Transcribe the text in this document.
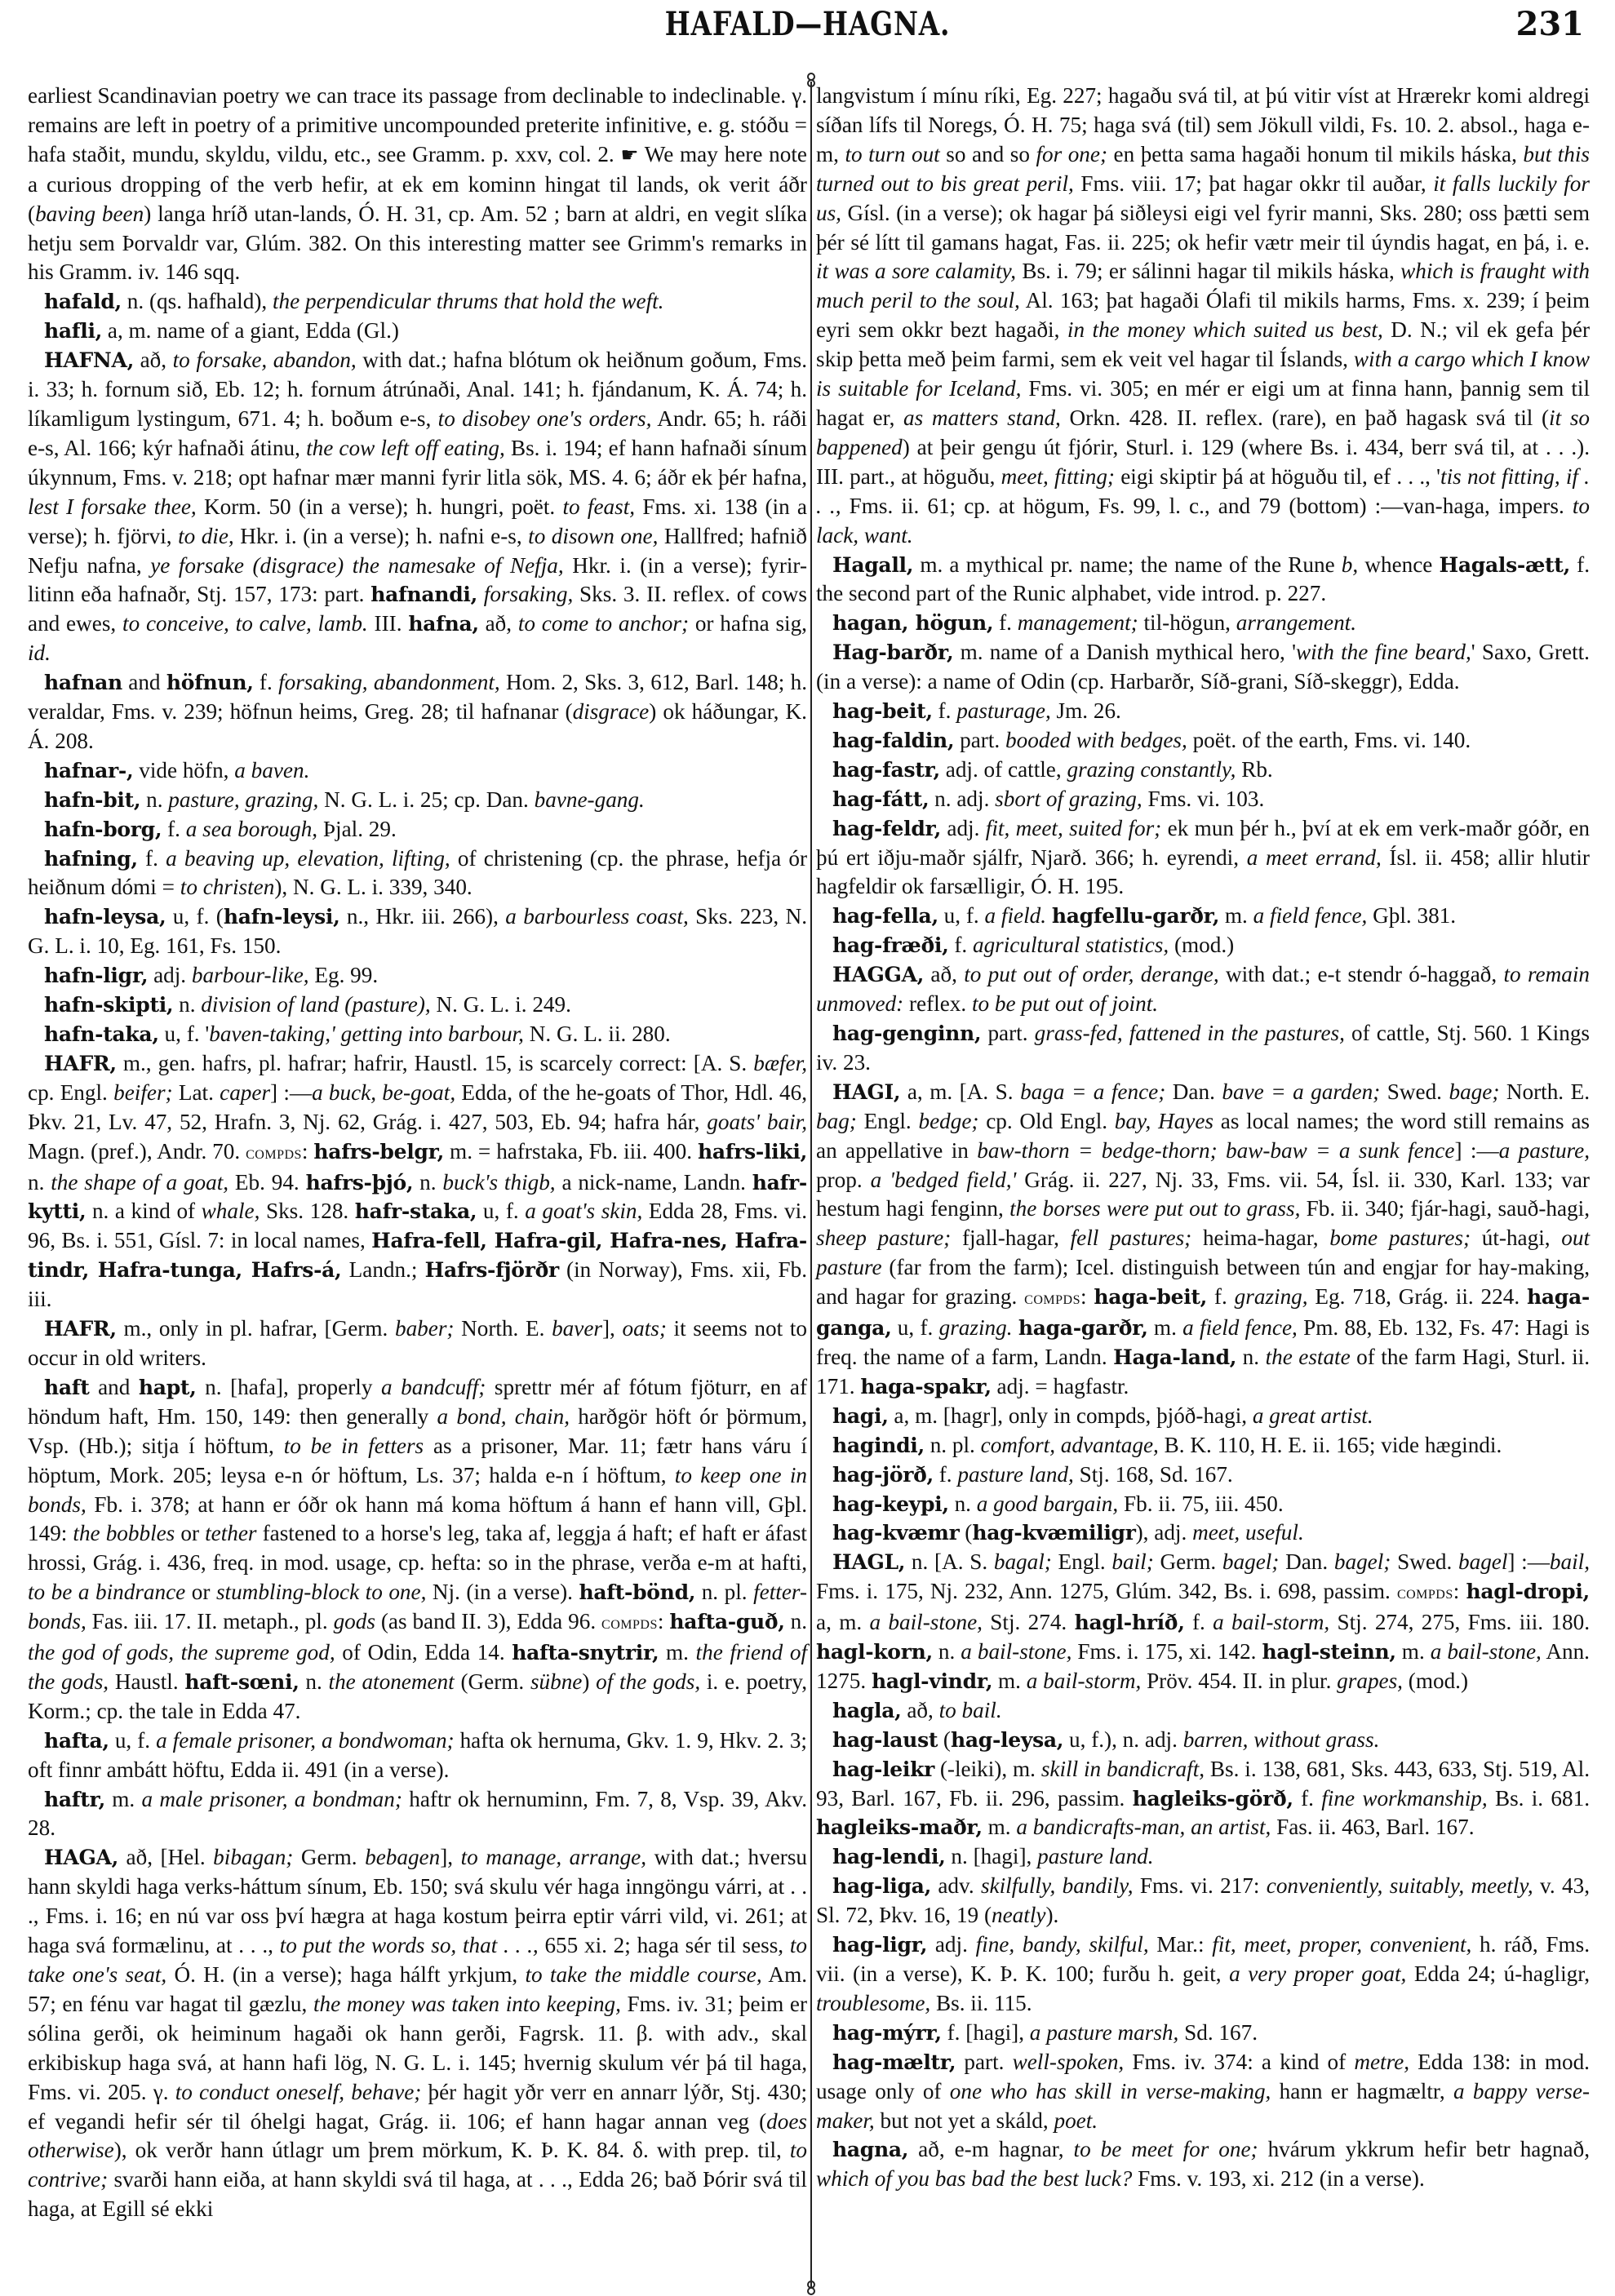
HAFALD—HAGNA.	231

earliest Scandinavian poetry we can trace its passage from declinable to indeclinable. γ. remains are left in poetry of a primitive uncompounded preterite infinitive, e. g. stóðu = hafa staðit, mundu, skyldu, vildu, etc., see Gramm. p. xxv, col. 2. ☛ We may here note a curious dropping of the verb hefir, at ek em kominn hingat til lands, ok verit áðr (baving been) langa hríð utan-lands, Ó. H. 31, cp. Am. 52 ; barn at aldri, en vegit slíka hetju sem Þorvaldr var, Glúm. 382. On this interesting matter see Grimm's remarks in his Gramm. iv. 146 sqq.

hafald, n. (qs. hafhald), the perpendicular thrums that hold the weft.

hafli, a, m. name of a giant, Edda (Gl.)

HAFNA, að, to forsake, abandon, with dat.; hafna blótum ok heiðnum goðum, Fms. i. 33; h. fornum sið, Eb. 12; h. fornum átrúnaði, Anal. 141; h. fjándanum, K. Á. 74; h. líkamligum lystingum, 671. 4; h. boðum e-s, to disobey one's orders, Andr. 65; h. ráði e-s, Al. 166; kýr hafnaði átinu, the cow left off eating, Bs. i. 194; ef hann hafnaði sínum úkynnum, Fms. v. 218; opt hafnar mær manni fyrir litla sök, MS. 4. 6; áðr ek þér hafna, lest I forsake thee, Korm. 50 (in a verse); h. hungri, poët. to feast, Fms. xi. 138 (in a verse); h. fjörvi, to die, Hkr. i. (in a verse); h. nafni e-s, to disown one, Hallfred; hafnið Nefju nafna, ye forsake (disgrace) the namesake of Nefja, Hkr. i. (in a verse); fyrir-litinn eða hafnaðr, Stj. 157, 173: part. hafnandi, forsaking, Sks. 3. II. reflex. of cows and ewes, to conceive, to calve, lamb. III. hafna, að, to come to anchor; or hafna sig, id.

hafnan and höfnun, f. forsaking, abandonment, Hom. 2, Sks. 3, 612, Barl. 148; h. veraldar, Fms. v. 239; höfnun heims, Greg. 28; til hafnanar (disgrace) ok háðungar, K. Á. 208.

hafnar-, vide höfn, a baven.

hafn-bit, n. pasture, grazing, N. G. L. i. 25; cp. Dan. bavne-gang.

hafn-borg, f. a sea borough, Þjal. 29.

hafning, f. a beaving up, elevation, lifting, of christening (cp. the phrase, hefja ór heiðnum dómi = to christen), N. G. L. i. 339, 340.

hafn-leysa, u, f. (hafn-leysi, n., Hkr. iii. 266), a barbourless coast, Sks. 223, N. G. L. i. 10, Eg. 161, Fs. 150.

hafn-ligr, adj. barbour-like, Eg. 99.

hafn-skipti, n. division of land (pasture), N. G. L. i. 249.

hafn-taka, u, f. 'baven-taking,' getting into barbour, N. G. L. ii. 280.

HAFR, m., gen. hafrs, pl. hafrar; hafrir, Haustl. 15, is scarcely correct: [A. S. bæfer, cp. Engl. beifer; Lat. caper] :—a buck, be-goat, Edda, of the he-goats of Thor, Hdl. 46, Þkv. 21, Lv. 47, 52, Hrafn. 3, Nj. 62, Grág. i. 427, 503, Eb. 94; hafra hár, goats' bair, Magn. (pref.), Andr. 70. compds: hafrs-belgr, m. = hafrstaka, Fb. iii. 400. hafrs-liki, n. the shape of a goat, Eb. 94. hafrs-þjó, n. buck's thigb, a nick-name, Landn. hafr-kytti, n. a kind of whale, Sks. 128. hafr-staka, u, f. a goat's skin, Edda 28, Fms. vi. 96, Bs. i. 551, Gísl. 7: in local names, Hafra-fell, Hafra-gil, Hafra-nes, Hafra-tindr, Hafra-tunga, Hafrs-á, Landn.; Hafrs-fjörðr (in Norway), Fms. xii, Fb. iii.

HAFR, m., only in pl. hafrar, [Germ. baber; North. E. baver], oats; it seems not to occur in old writers.

haft and hapt, n. [hafa], properly a bandcuff; sprettr mér af fótum fjöturr, en af höndum haft, Hm. 150, 149: then generally a bond, chain, harðgör höft ór þörmum, Vsp. (Hb.); sitja í höftum, to be in fetters as a prisoner, Mar. 11; fætr hans váru í höptum, Mork. 205; leysa e-n ór höftum, Ls. 37; halda e-n í höftum, to keep one in bonds, Fb. i. 378; at hann er óðr ok hann má koma höftum á hann ef hann vill, Gþl. 149: the bobbles or tether fastened to a horse's leg, taka af, leggja á haft; ef haft er áfast hrossi, Grág. i. 436, freq. in mod. usage, cp. hefta: so in the phrase, verða e-m at hafti, to be a bindrance or stumbling-block to one, Nj. (in a verse). haft-bönd, n. pl. fetter-bonds, Fas. iii. 17. II. metaph., pl. gods (as band II. 3), Edda 96. compds: hafta-guð, n. the god of gods, the supreme god, of Odin, Edda 14. hafta-snytrir, m. the friend of the gods, Haustl. haft-sœni, n. the atonement (Germ. sübne) of the gods, i. e. poetry, Korm.; cp. the tale in Edda 47.

hafta, u, f. a female prisoner, a bondwoman; hafta ok hernuma, Gkv. 1. 9, Hkv. 2. 3; oft finnr ambátt höftu, Edda ii. 491 (in a verse).

haftr, m. a male prisoner, a bondman; haftr ok hernuminn, Fm. 7, 8, Vsp. 39, Akv. 28.

HAGA, að, [Hel. bibagan; Germ. bebagen], to manage, arrange, with dat.; hversu hann skyldi haga verks-háttum sínum, Eb. 150; svá skulu vér haga inngöngu várri, at . . ., Fms. i. 16; en nú var oss því hægra at haga kostum þeirra eptir várri vild, vi. 261; at haga svá formælinu, at . . ., to put the words so, that . . ., 655 xi. 2; haga sér til sess, to take one's seat, Ó. H. (in a verse); haga hálft yrkjum, to take the middle course, Am. 57; en fénu var hagat til gæzlu, the money was taken into keeping, Fms. iv. 31; þeim er sólina gerði, ok heiminum hagaði ok hann gerði, Fagrsk. 11. β. with adv., skal erkibiskup haga svá, at hann hafi lög, N. G. L. i. 145; hvernig skulum vér þá til haga, Fms. vi. 205. γ. to conduct oneself, behave; þér hagit yðr verr en annarr lýðr, Stj. 430; ef vegandi hefir sér til óhelgi hagat, Grág. ii. 106; ef hann hagar annan veg (does otherwise), ok verðr hann útlagr um þrem mörkum, K. Þ. K. 84. δ. with prep. til, to contrive; svarði hann eiða, at hann skyldi svá til haga, at . . ., Edda 26; bað Þórir svá til haga, at Egill sé ekki

langvistum í mínu ríki, Eg. 227; hagaðu svá til, at þú vitir víst at Hrærekr komi aldregi síðan lífs til Noregs, Ó. H. 75; haga svá (til) sem Jökull vildi, Fs. 10. 2. absol., haga e-m, to turn out so and so for one; en þetta sama hagaði honum til mikils háska, but this turned out to bis great peril, Fms. viii. 17; þat hagar okkr til auðar, it falls luckily for us, Gísl. (in a verse); ok hagar þá siðleysi eigi vel fyrir manni, Sks. 280; oss þætti sem þér sé lítt til gamans hagat, Fas. ii. 225; ok hefir vætr meir til úyndis hagat, en þá, i. e. it was a sore calamity, Bs. i. 79; er sálinni hagar til mikils háska, which is fraught with much peril to the soul, Al. 163; þat hagaði Ólafi til mikils harms, Fms. x. 239; í þeim eyri sem okkr bezt hagaði, in the money which suited us best, D. N.; vil ek gefa þér skip þetta með þeim farmi, sem ek veit vel hagar til Íslands, with a cargo which I know is suitable for Iceland, Fms. vi. 305; en mér er eigi um at finna hann, þannig sem til hagat er, as matters stand, Orkn. 428. II. reflex. (rare), en það hagask svá til (it so bappened) at þeir gengu út fjórir, Sturl. i. 129 (where Bs. i. 434, berr svá til, at . . .). III. part., at höguðu, meet, fitting; eigi skiptir þá at höguðu til, ef . . ., 'tis not fitting, if . . ., Fms. ii. 61; cp. at högum, Fs. 99, l. c., and 79 (bottom) :—van-haga, impers. to lack, want.

Hagall, m. a mythical pr. name; the name of the Rune b, whence Hagals-ætt, f. the second part of the Runic alphabet, vide introd. p. 227.

hagan, högun, f. management; til-högun, arrangement.

Hag-barðr, m. name of a Danish mythical hero, 'with the fine beard,' Saxo, Grett. (in a verse): a name of Odin (cp. Harbarðr, Síð-grani, Síð-skeggr), Edda.

hag-beit, f. pasturage, Jm. 26.

hag-faldin, part. booded with bedges, poët. of the earth, Fms. vi. 140.

hag-fastr, adj. of cattle, grazing constantly, Rb.

hag-fátt, n. adj. sbort of grazing, Fms. vi. 103.

hag-feldr, adj. fit, meet, suited for; ek mun þér h., því at ek em verk-maðr góðr, en þú ert iðju-maðr sjálfr, Njarð. 366; h. eyrendi, a meet errand, Ísl. ii. 458; allir hlutir hagfeldir ok farsælligir, Ó. H. 195.

hag-fella, u, f. a field. hagfellu-garðr, m. a field fence, Gþl. 381.

hag-fræði, f. agricultural statistics, (mod.)

HAGGA, að, to put out of order, derange, with dat.; e-t stendr ó-haggað, to remain unmoved: reflex. to be put out of joint.

hag-genginn, part. grass-fed, fattened in the pastures, of cattle, Stj. 560. 1 Kings iv. 23.

HAGI, a, m. [A. S. baga = a fence; Dan. bave = a garden; Swed. bage; North. E. bag; Engl. bedge; cp. Old Engl. bay, Hayes as local names; the word still remains as an appellative in baw-thorn = bedge-thorn; baw-baw = a sunk fence] :—a pasture, prop. a 'bedged field,' Grág. ii. 227, Nj. 33, Fms. vii. 54, Ísl. ii. 330, Karl. 133; var hestum hagi fenginn, the borses were put out to grass, Fb. ii. 340; fjár-hagi, sauð-hagi, sheep pasture; fjall-hagar, fell pastures; heima-hagar, bome pastures; út-hagi, out pasture (far from the farm); Icel. distinguish between tún and engjar for hay-making, and hagar for grazing. compds: haga-beit, f. grazing, Eg. 718, Grág. ii. 224. haga-ganga, u, f. grazing. haga-garðr, m. a field fence, Pm. 88, Eb. 132, Fs. 47: Hagi is freq. the name of a farm, Landn. Haga-land, n. the estate of the farm Hagi, Sturl. ii. 171. haga-spakr, adj. = hagfastr.

hagi, a, m. [hagr], only in compds, þjóð-hagi, a great artist.

hagindi, n. pl. comfort, advantage, B. K. 110, H. E. ii. 165; vide hægindi.

hag-jörð, f. pasture land, Stj. 168, Sd. 167.

hag-keypi, n. a good bargain, Fb. ii. 75, iii. 450.

hag-kvæmr (hag-kvæmiligr), adj. meet, useful.

HAGL, n. [A. S. bagal; Engl. bail; Germ. bagel; Dan. bagel; Swed. bagel] :—bail, Fms. i. 175, Nj. 232, Ann. 1275, Glúm. 342, Bs. i. 698, passim. compds: hagl-dropi, a, m. a bail-stone, Stj. 274. hagl-hríð, f. a bail-storm, Stj. 274, 275, Fms. iii. 180. hagl-korn, n. a bail-stone, Fms. i. 175, xi. 142. hagl-steinn, m. a bail-stone, Ann. 1275. hagl-vindr, m. a bail-storm, Pröv. 454. II. in plur. grapes, (mod.)

hagla, að, to bail.

hag-laust (hag-leysa, u, f.), n. adj. barren, without grass.

hag-leikr (-leiki), m. skill in bandicraft, Bs. i. 138, 681, Sks. 443, 633, Stj. 519, Al. 93, Barl. 167, Fb. ii. 296, passim. hagleiks-görð, f. fine workmanship, Bs. i. 681. hagleiks-maðr, m. a bandicrafts-man, an artist, Fas. ii. 463, Barl. 167.

hag-lendi, n. [hagi], pasture land.

hag-liga, adv. skilfully, bandily, Fms. vi. 217: conveniently, suitably, meetly, v. 43, Sl. 72, Þkv. 16, 19 (neatly).

hag-ligr, adj. fine, bandy, skilful, Mar.: fit, meet, proper, convenient, h. ráð, Fms. vii. (in a verse), K. Þ. K. 100; furðu h. geit, a very proper goat, Edda 24; ú-hagligr, troublesome, Bs. ii. 115.

hag-mýrr, f. [hagi], a pasture marsh, Sd. 167.

hag-mæltr, part. well-spoken, Fms. iv. 374: a kind of metre, Edda 138: in mod. usage only of one who has skill in verse-making, hann er hagmæltr, a bappy verse-maker, but not yet a skáld, poet.

hagna, að, e-m hagnar, to be meet for one; hvárum ykkrum hefir betr hagnað, which of you bas bad the best luck? Fms. v. 193, xi. 212 (in a verse).
